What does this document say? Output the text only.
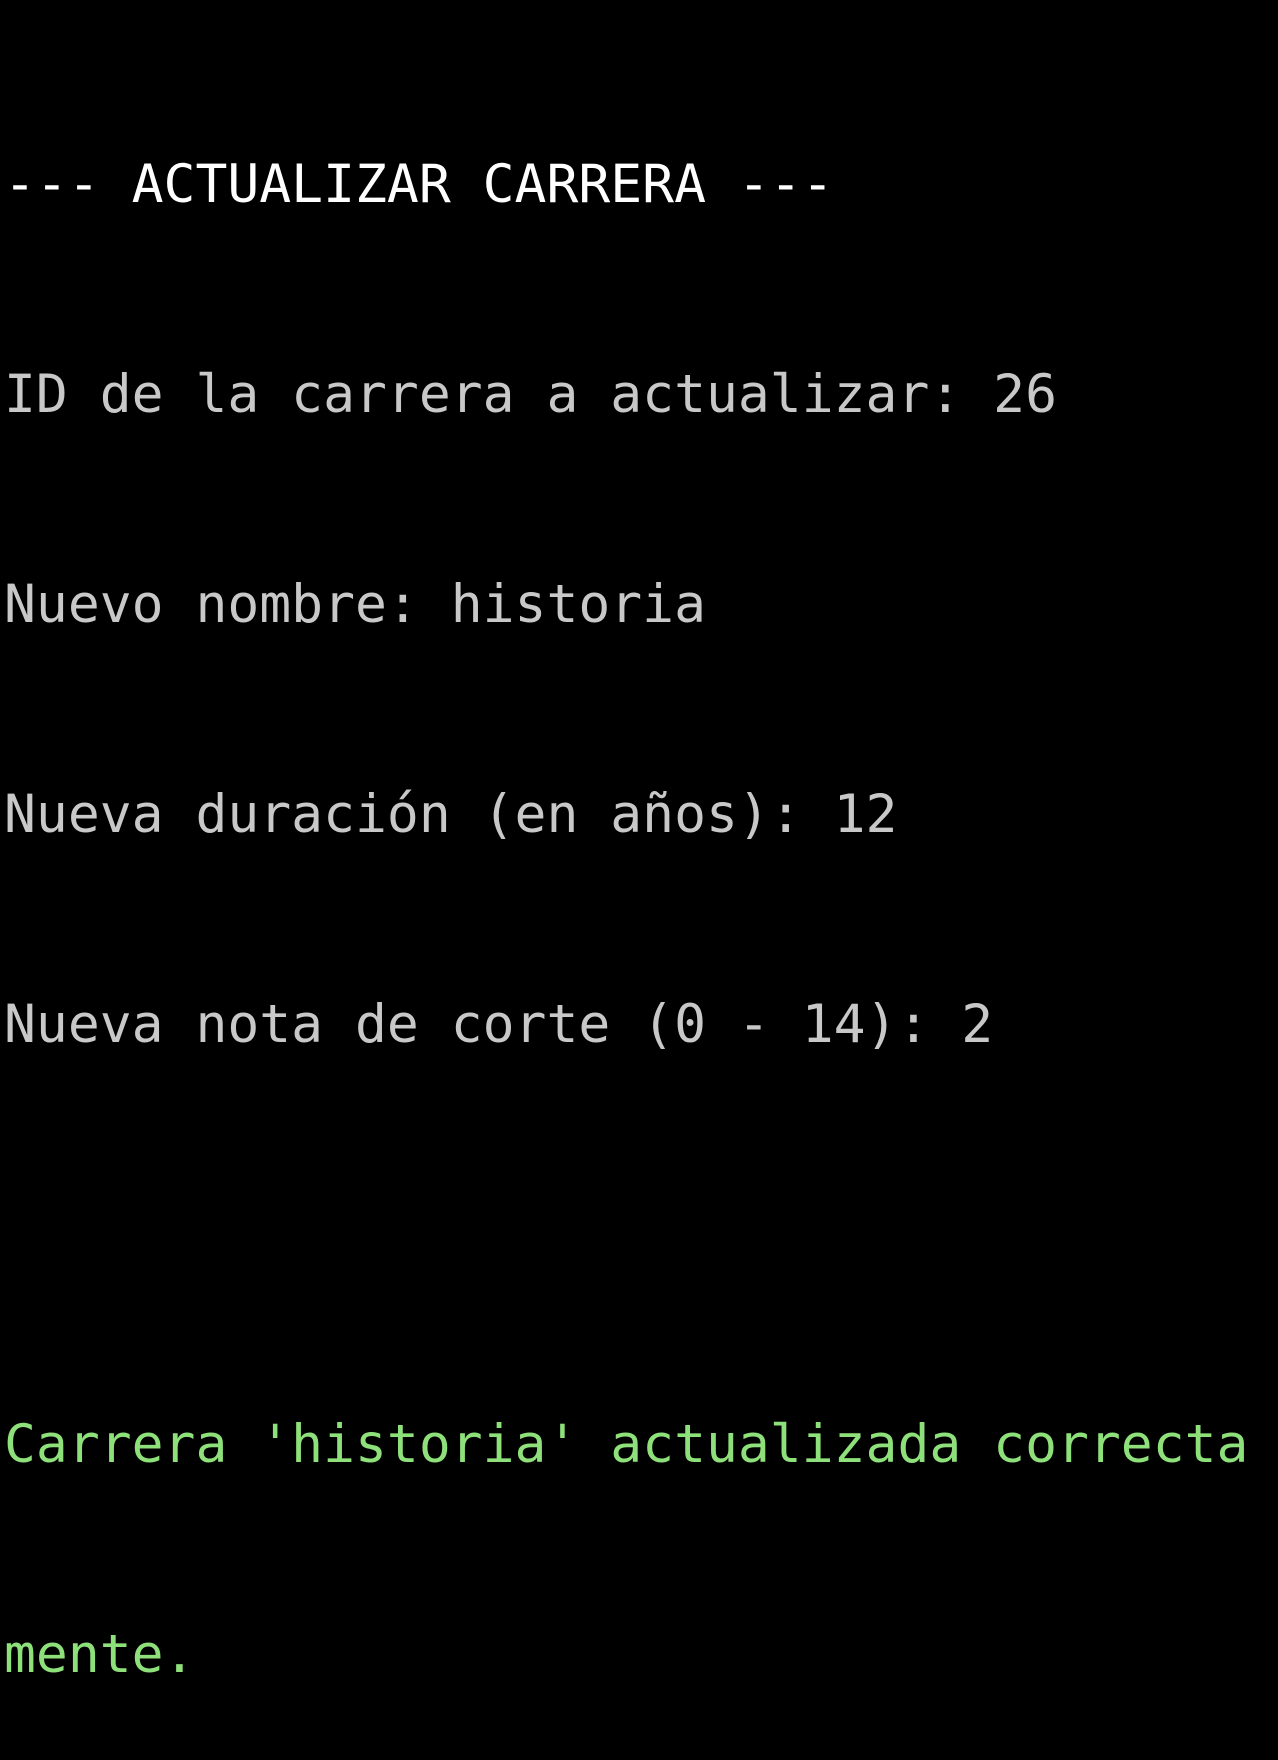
--- ACTUALIZAR CARRERA ---

ID de la carrera a actualizar: 26

Nuevo nombre: historia

Nueva duración (en años): 12

Nueva nota de corte (0 - 14): 2

Carrera 'historia' actualizada correcta

mente.
